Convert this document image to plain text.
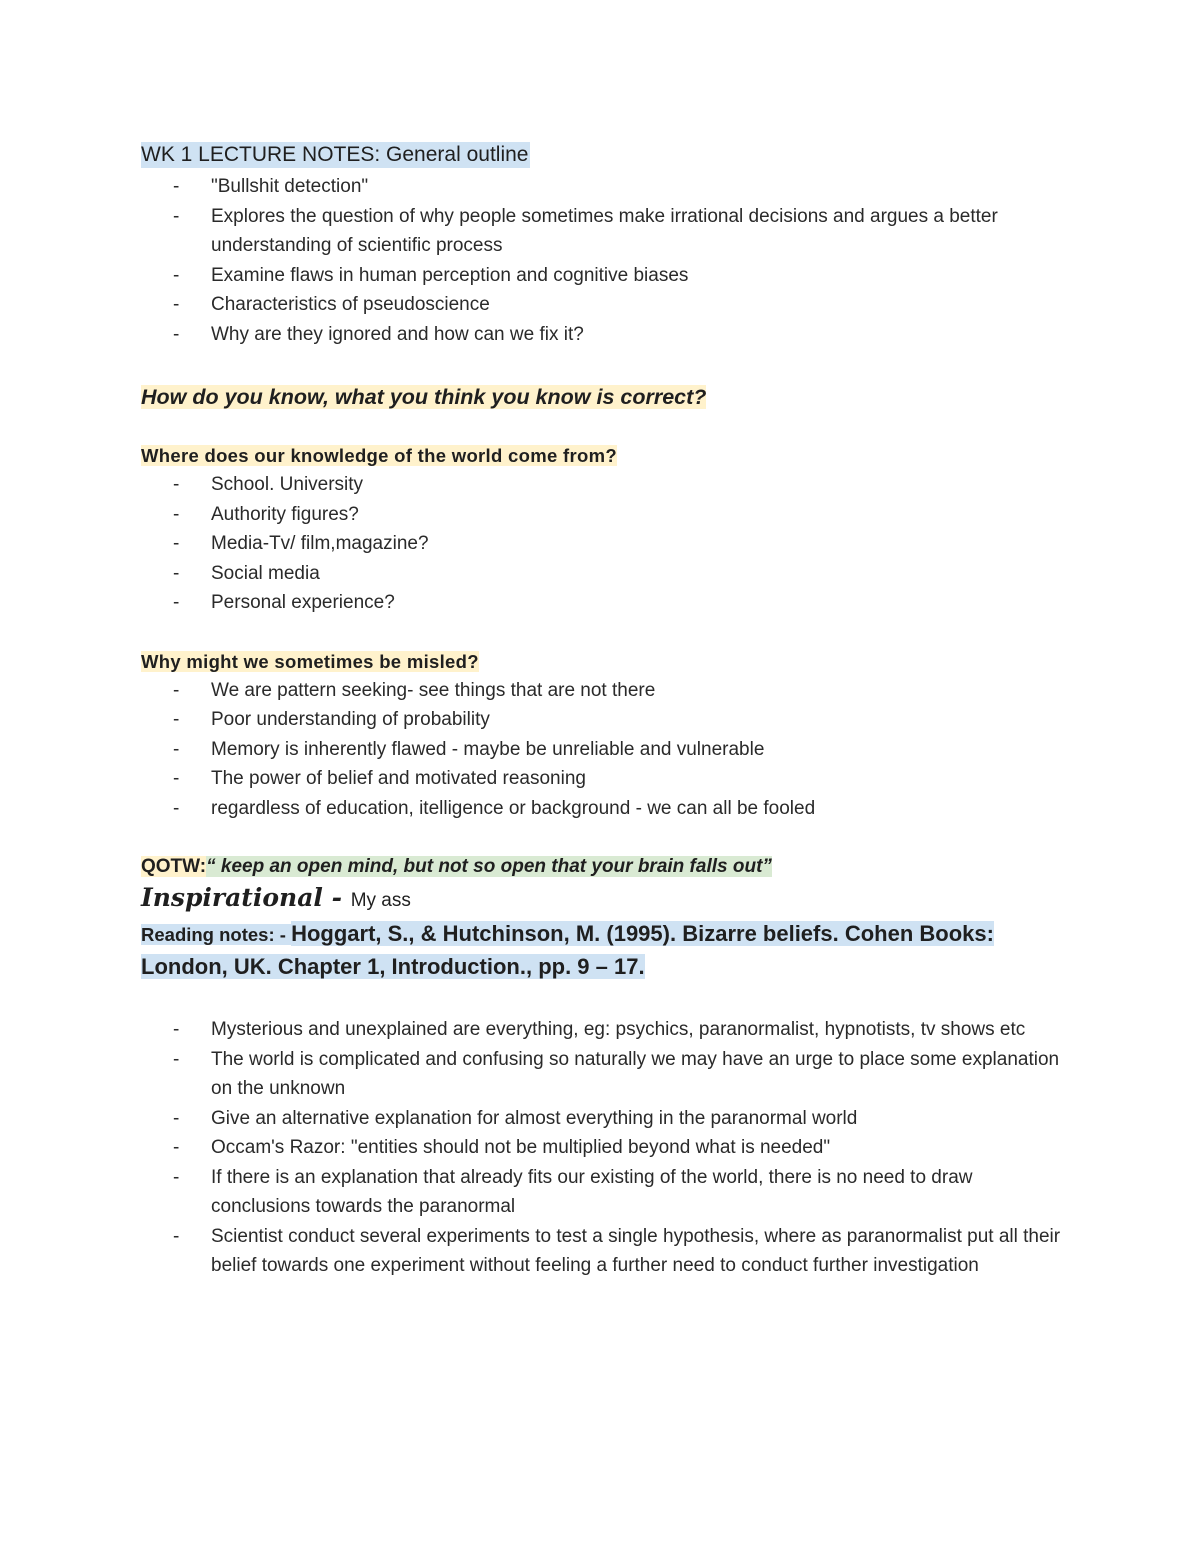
WK 1 LECTURE NOTES: General outline
- "Bullshit detection"
- Explores the question of why people sometimes make irrational decisions and argues a better understanding of scientific process
- Examine flaws in human perception and cognitive biases
- Characteristics of pseudoscience
- Why are they ignored and how can we fix it?

How do you know, what you think you know is correct?

Where does our knowledge of the world come from?

- School. University
- Authority figures?
- Media-Tv/ film,magazine?
- Social media
- Personal experience?

Why might we sometimes be misled?

- We are pattern seeking- see things that are not there
- Poor understanding of probability
- Memory is inherently flawed - maybe be unreliable and vulnerable
- The power of belief and motivated reasoning
- regardless of education, itelligence or background - we can all be fooled

QOTW:“ keep an open mind, but not so open that your brain falls out”

Inspirational - My ass

Reading notes: - Hoggart, S., & Hutchinson, M. (1995). Bizarre beliefs. Cohen Books: London, UK. Chapter 1, Introduction., pp. 9 – 17.

- Mysterious and unexplained are everything, eg: psychics, paranormalist, hypnotists, tv shows etc
- The world is complicated and confusing so naturally we may have an urge to place some explanation on the unknown
- Give an alternative explanation for almost everything in the paranormal world
- Occam's Razor: "entities should not be multiplied beyond what is needed"
- If there is an explanation that already fits our existing of the world, there is no need to draw conclusions towards the paranormal
- Scientist conduct several experiments to test a single hypothesis, where as paranormalist put all their belief towards one experiment without feeling a further need to conduct further investigation
